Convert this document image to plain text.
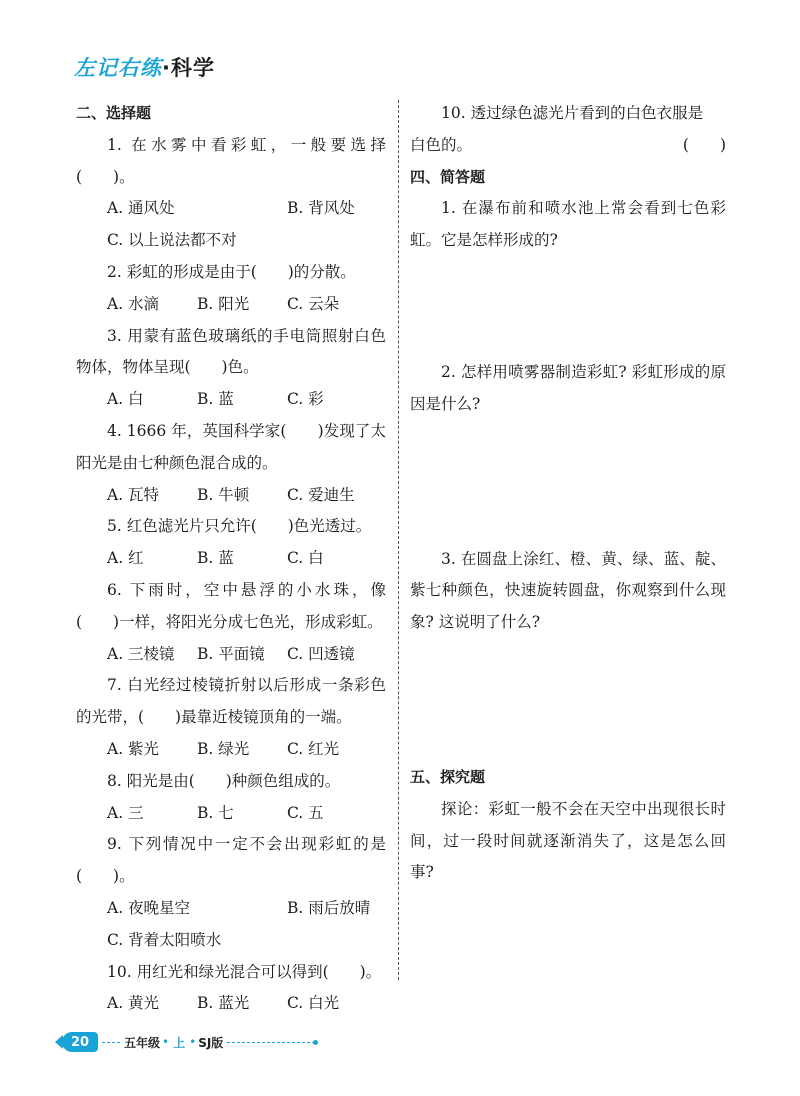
左记右练·科学
二、选择题
1. 在水雾中看彩虹，一般要选择(　　)。
A. 通风处	B. 背风处
C. 以上说法都不对
2. 彩虹的形成是由于(　　)的分散。
A. 水滴 B. 阳光 C. 云朵
3. 用蒙有蓝色玻璃纸的手电筒照射白色物体，物体呈现(　　)色。
A. 白	B. 蓝	C. 彩
4. 1666 年，英国科学家(　　)发现了太阳光是由七种颜色混合成的。
A. 瓦特 B. 牛顿 C. 爱迪生
5. 红色滤光片只允许(　　)色光透过。
A. 红	B. 蓝	C. 白
6. 下雨时，空中悬浮的小水珠，像(　　)一样，将阳光分成七色光，形成彩虹。
A. 三棱镜 B. 平面镜 C. 凹透镜
7. 白光经过棱镜折射以后形成一条彩色的光带，(　　)最靠近棱镜顶角的一端。
A. 紫光 B. 绿光 C. 红光
8. 阳光是由(　　)种颜色组成的。
A. 三	B. 七	C. 五
9. 下列情况中一定不会出现彩虹的是(　　)。
A. 夜晚星空	B. 雨后放晴
C. 背着太阳喷水
10. 用红光和绿光混合可以得到(　　)。
A. 黄光 B. 蓝光 C. 白光
10. 透过绿色滤光片看到的白色衣服是
白色的。	(　　)
四、简答题
1. 在瀑布前和喷水池上常会看到七色彩虹。它是怎样形成的?
2. 怎样用喷雾器制造彩虹? 彩虹形成的原因是什么?
3. 在圆盘上涂红、橙、黄、绿、蓝、靛、紫七种颜色，快速旋转圆盘，你观察到什么现象? 这说明了什么?
五、探究题
探论：彩虹一般不会在天空中出现很长时间，过一段时间就逐渐消失了，这是怎么回事?
20	五年级 • 上 • SJ版
